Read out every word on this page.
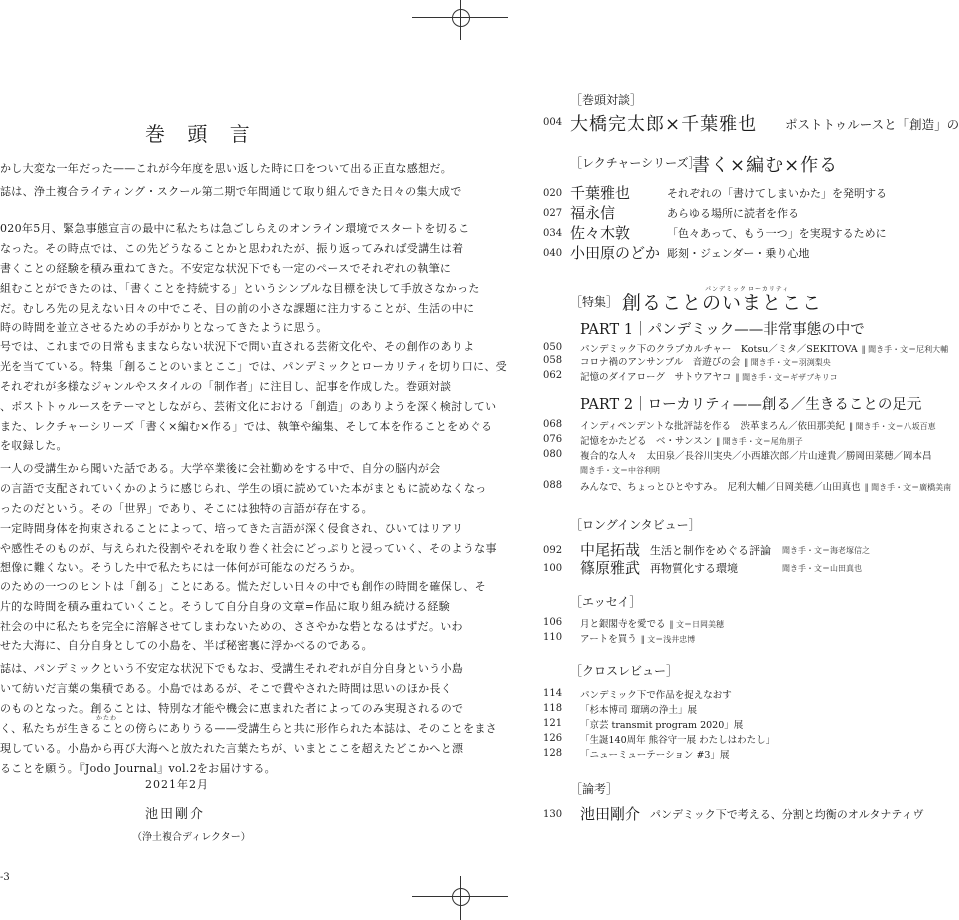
巻 頭 言
かし大変な一年だった——これが今年度を思い返した時に口をついて出る正直な感想だ。
誌は、浄土複合ライティング・スクール第二期で年間通じて取り組んできた日々の集大成で
020年5月、緊急事態宣言の最中に私たちは急ごしらえのオンライン環境でスタートを切るこ
なった。その時点では、この先どうなることかと思われたが、振り返ってみれば受講生は着
書くことの経験を積み重ねてきた。不安定な状況下でも一定のペースでそれぞれの執筆に
組むことができたのは、「書くことを持続する」というシンプルな目標を決して手放さなかった
だ。むしろ先の見えない日々の中でこそ、目の前の小さな課題に注力することが、生活の中に
時の時間を並立させるための手がかりとなってきたように思う。
号では、これまでの日常もままならない状況下で問い直される芸術文化や、その創作のありよ
光を当てている。特集「創ることのいまとここ」では、パンデミックとローカリティを切り口に、受
それぞれが多様なジャンルやスタイルの「制作者」に注目し、記事を作成した。巻頭対談
、ポストトゥルースをテーマとしながら、芸術文化における「創造」のありようを深く検討してい
また、レクチャーシリーズ「書く×編む×作る」では、執筆や編集、そして本を作ることをめぐる
を収録した。
一人の受講生から聞いた話である。大学卒業後に会社勤めをする中で、自分の脳内が会
の言語で支配されていくかのように感じられ、学生の頃に読めていた本がまともに読めなくなっ
ったのだという。その「世界」であり、そこには独特の言語が存在する。
一定時間身体を拘束されることによって、培ってきた言語が深く侵食され、ひいてはリアリ
や感性そのものが、与えられた役割やそれを取り巻く社会にどっぷりと浸っていく、そのような事
想像に難くない。そうした中で私たちには一体何が可能なのだろうか。
のための一つのヒントは「創る」ことにある。慌ただしい日々の中でも創作の時間を確保し、そ
片的な時間を積み重ねていくこと。そうして自分自身の文章=作品に取り組み続ける経験
社会の中に私たちを完全に溶解させてしまわないための、ささやかな砦となるはずだ。いわ
せた大海に、自分自身としての小島を、半ば秘密裏に浮かべるのである。
誌は、パンデミックという不安定な状況下でもなお、受講生それぞれが自分自身という小島
いて紡いだ言葉の集積である。小島ではあるが、そこで費やされた時間は思いのほか長く
のものとなった。創ることは、特別な才能や機会に恵まれた者によってのみ実現されるので
かたわ
く、私たちが生きることの傍らにありうる——受講生らと共に形作られた本誌は、そのことをまさ
現している。小島から再び大海へと放たれた言葉たちが、いまとここを超えたどこかへと漂
ることを願う。『Jodo Journal』vol.2をお届けする。
2021年2月
池田剛介
（浄土複合ディレクター）
-3
［巻頭対談］
004 大橋完太郎×千葉雅也 ポストトゥルースと「創造」の
［レクチャーシリーズ］
書く×編む×作る
020 千葉雅也	それぞれの「書けてしまいかた」を発明する
027 福永信	あらゆる場所に読者を作る
034 佐々木敦	「色々あって、もう一つ」を実現するために
040 小田原のどか 彫刻・ジェンダー・乗り心地
パンデミック ローカリティ
［特集］ 創ることのいまとここ
PART 1｜パンデミック——非常事態の中で
050 パンデミック下のクラブカルチャー　Kotsu／ミタ／SEKITOVA ‖ 聞き手・文＝尼利大輔
058 コロナ禍のアンサンブル　音遊びの会 ‖ 聞き手・文＝羽渕梨央
062 記憶のダイアローグ　サトウアヤコ ‖ 聞き手・文＝ギザブキリコ
PART 2｜ローカリティ——創る／生きることの足元
068 インディペンデントな批評誌を作る　渋革まろん／依田那美紀 ‖ 聞き手・文＝八坂百恵
076 記憶をかたどる　ベ・サンスン ‖ 聞き手・文＝尾角朋子
080 複合的な人々　太田泉／長谷川実央／小西雄次郎／片山達貴／勝岡田菜穂／岡本昌
聞き手・文＝中谷利明
088 みんなで、ちょっとひとやすみ。　尼利大輔／日岡美穂／山田真也 ‖ 聞き手・文＝廣橋美南
［ロングインタビュー］
092 中尾拓哉 生活と制作をめぐる評論 聞き手・文＝海老塚信之
100 篠原雅武 再物質化する環境	聞き手・文＝山田真也
［エッセイ］
106 月と銀閣寺を愛でる ‖ 文＝日岡美穂
110 アートを買う ‖ 文＝浅井忠博
［クロスレビュー］
114 パンデミック下で作品を捉えなおす
118 「杉本博司 瑠璃の浄土」展
121 「京芸 transmit program 2020」展
126 「生誕140周年 熊谷守一展 わたしはわたし」
128 「ニューミューテーション #3」展
［論考］
130 池田剛介 パンデミック下で考える、分割と均衡のオルタナティヴ
